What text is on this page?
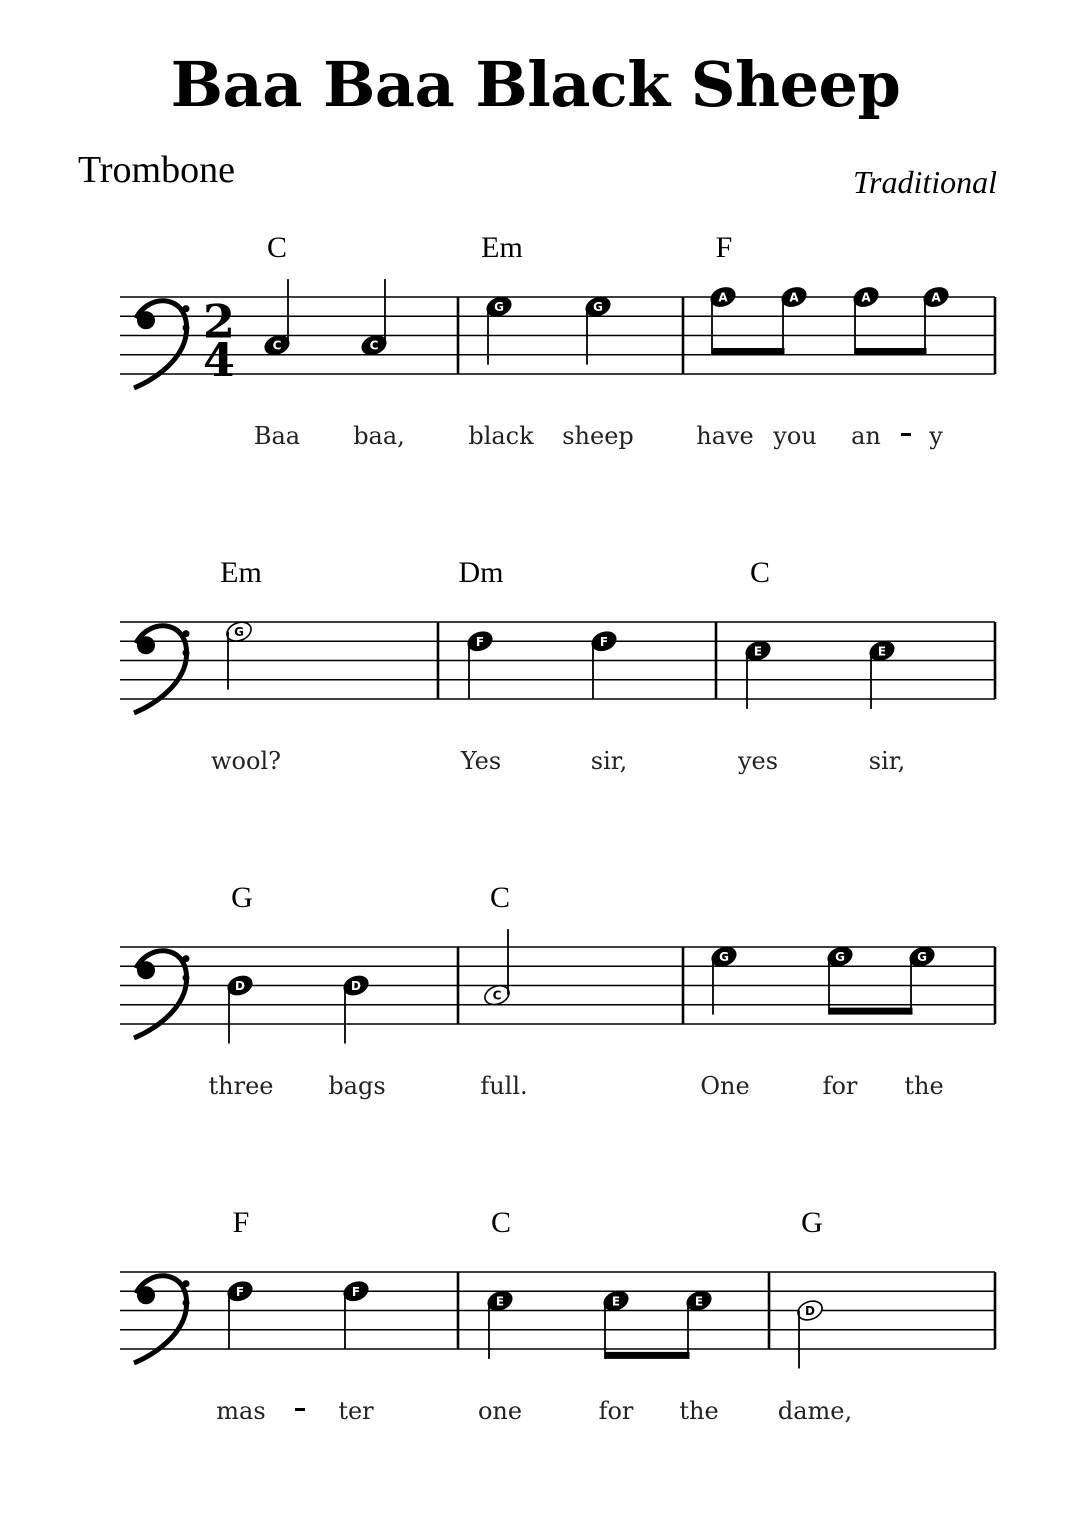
Baa Baa Black Sheep
Trombone	Traditional
2
4
C
C	C
Em
G	G
F
A	A	A	A
Baa baa,	black sheep	have you an y
Em
G
Dm
F	F
C
E	E
wool?	Yes	sir,	yes	sir,
G
D	D
C
C
G	G	G
three bags	full.	One	for the
F
F	F
C
E	E	E
G
D
mas	ter	one	for the dame,
